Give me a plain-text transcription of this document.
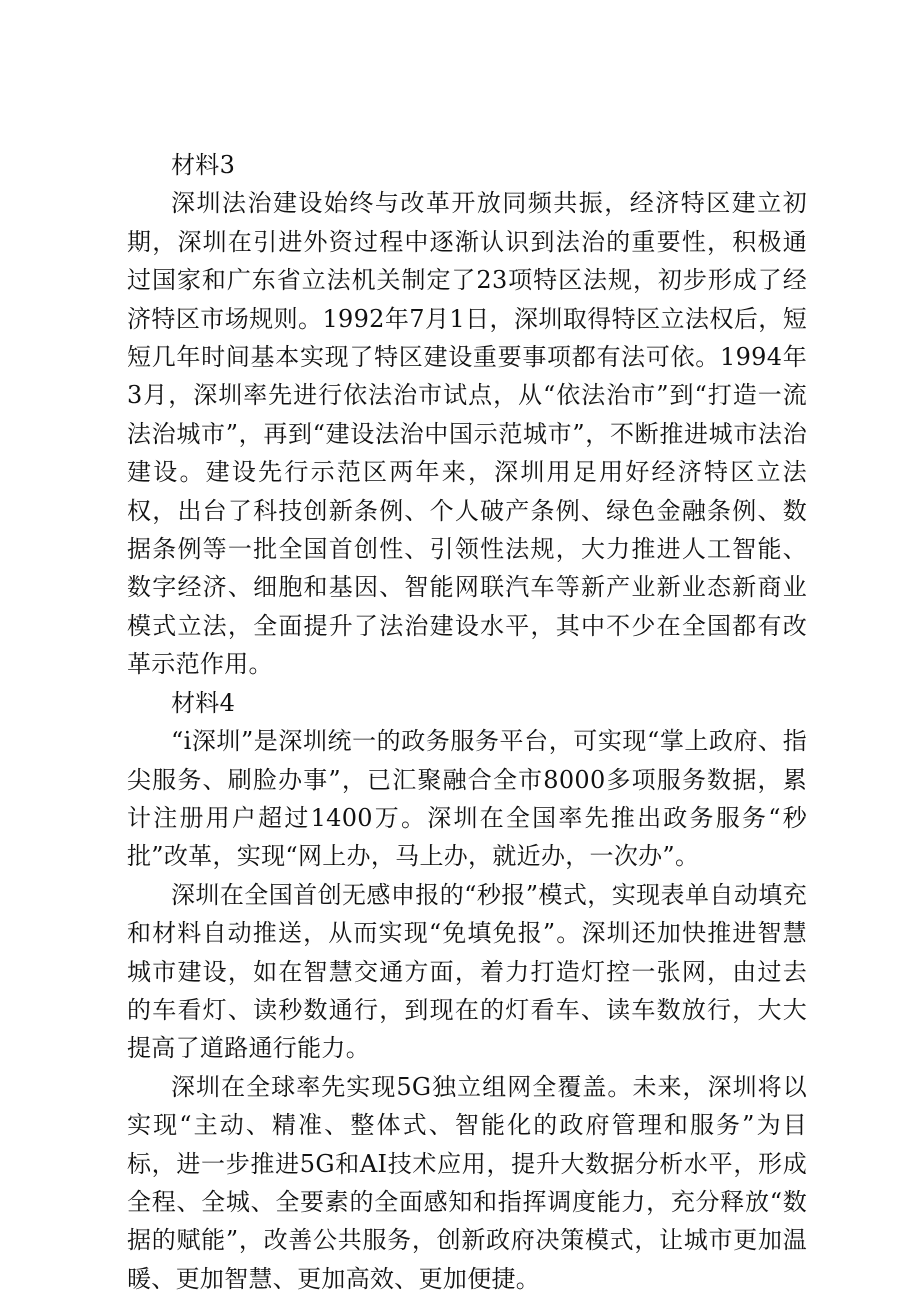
材料3

深圳法治建设始终与改革开放同频共振，经济特区建立初期，深圳在引进外资过程中逐渐认识到法治的重要性，积极通过国家和广东省立法机关制定了23项特区法规，初步形成了经济特区市场规则。1992年7月1日，深圳取得特区立法权后，短短几年时间基本实现了特区建设重要事项都有法可依。1994年3月，深圳率先进行依法治市试点，从“依法治市”到“打造一流法治城市”，再到“建设法治中国示范城市”，不断推进城市法治建设。建设先行示范区两年来，深圳用足用好经济特区立法权，出台了科技创新条例、个人破产条例、绿色金融条例、数据条例等一批全国首创性、引领性法规，大力推进人工智能、数字经济、细胞和基因、智能网联汽车等新产业新业态新商业模式立法，全面提升了法治建设水平，其中不少在全国都有改革示范作用。

材料4

“i深圳”是深圳统一的政务服务平台，可实现“掌上政府、指尖服务、刷脸办事”，已汇聚融合全市8000多项服务数据，累计注册用户超过1400万。深圳在全国率先推出政务服务“秒批”改革，实现“网上办，马上办，就近办，一次办”。

深圳在全国首创无感申报的“秒报”模式，实现表单自动填充和材料自动推送，从而实现“免填免报”。深圳还加快推进智慧城市建设，如在智慧交通方面，着力打造灯控一张网，由过去的车看灯、读秒数通行，到现在的灯看车、读车数放行，大大提高了道路通行能力。

深圳在全球率先实现5G独立组网全覆盖。未来，深圳将以实现“主动、精准、整体式、智能化的政府管理和服务”为目标，进一步推进5G和AI技术应用，提升大数据分析水平，形成全程、全城、全要素的全面感知和指挥调度能力，充分释放“数据的赋能”，改善公共服务，创新政府决策模式，让城市更加温暖、更加智慧、更加高效、更加便捷。
